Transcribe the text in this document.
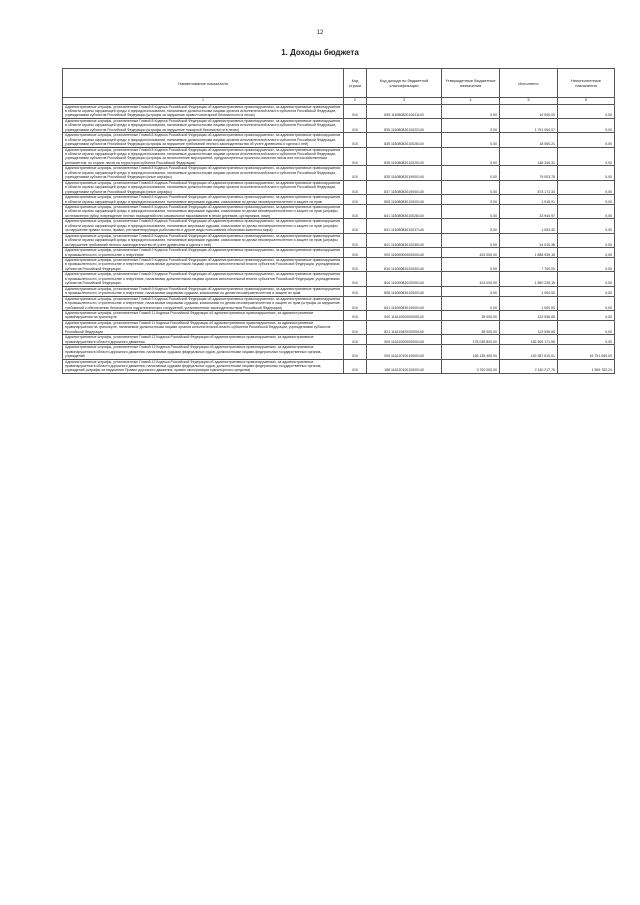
12
1. Доходы бюджета
Наименование показателя	Код строки	Код дохода по бюджетной классификации	Утвержденные бюджетные назначения	Исполнено	Неисполненные назначения
1	2	3	4	5	6
Административные штрафы, установленные Главой 8 Кодекса Российской Федерации об административных правонарушениях, за административные правонарушения в области охраны окружающей среды и природопользования, налагаемые должностными лицами органов исполнительной власти субъектов Российской Федерации, учреждениями субъектов Российской Федерации (штрафы за нарушение правил санитарной безопасности в лесах)	010	835 11608082010021140	0,00	10 000,00	0,00
Административные штрафы, установленные Главой 8 Кодекса Российской Федерации об административных правонарушениях, за административные правонарушения в области охраны окружающей среды и природопользования, налагаемые должностными лицами органов исполнительной власти субъектов Российской Федерации, учреждениями субъектов Российской Федерации (штрафы за нарушение пожарной безопасности в лесах)	010	835 11608082010022140	0,00	1 791 094,07	0,00
Административные штрафы, установленные Главой 8 Кодекса Российской Федерации об административных правонарушениях, за административные правонарушения в области охраны окружающей среды и природопользования, налагаемые должностными лицами органов исполнительной власти субъектов Российской Федерации, учреждениями субъектов Российской Федерации (штрафы за нарушение требований лесного законодательства об учете древесины и сделок с ней)	010	835 11608082010028140	0,00	18 060,21	0,00
Административные штрафы, установленные Главой 8 Кодекса Российской Федерации об административных правонарушениях, за административные правонарушения в области охраны окружающей среды и природопользования, налагаемые должностными лицами органов исполнительной власти субъектов Российской Федерации, учреждениями субъектов Российской Федерации (штрафы за неисполнение мероприятий, предусмотренных проектом освоения лесов или лесохозяйственным регламентом, по охране лесов на территории субъекта Российской Федерации)	010	835 11608082010029140	0,00	148 349,31	0,00
Административные штрафы, установленные Главой 8 Кодекса Российской Федерации об административных правонарушениях, за административные правонарушения в области охраны окружающей среды и природопользования, налагаемые должностными лицами органов исполнительной власти субъектов Российской Федерации, учреждениями субъектов Российской Федерации (иные штрафы)	010	835 11608082019000140	0,00	79 003,75	0,00
Административные штрафы, установленные Главой 8 Кодекса Российской Федерации об административных правонарушениях, за административные правонарушения в области охраны окружающей среды и природопользования, налагаемые должностными лицами органов исполнительной власти субъектов Российской Федерации, учреждениями субъектов Российской Федерации (иные штрафы)	010	837 11608082019000140	0,00	873 171,33	0,00
Административные штрафы, установленные Главой 8 Кодекса Российской Федерации об административных правонарушениях, за административные правонарушения в области охраны окружающей среды и природопользования, налагаемые мировыми судьями, комиссиями по делам несовершеннолетних и защите их прав	010	808 11608083010000140	0,00	1 518,91	0,00
Административные штрафы, установленные Главой 8 Кодекса Российской Федерации об административных правонарушениях, за административные правонарушения в области охраны окружающей среды и природопользования, налагаемые мировыми судьями, комиссиями по делам несовершеннолетних и защите их прав (штрафы за незаконную рубку, повреждение лесных насаждений или самовольное выкапывание в лесах деревьев, кустарников, лиан)	010	841 11608083010028140	0,00	33 944,97	0,00
Административные штрафы, установленные Главой 8 Кодекса Российской Федерации об административных правонарушениях, за административные правонарушения в области охраны окружающей среды и природопользования, налагаемые мировыми судьями, комиссиями по делам несовершеннолетних и защите их прав (штрафы за нарушение правил охоты, правил, регламентирующих рыболовство и другие виды пользования объектами животного мира)	010	841 11608083010037140	0,00	1 053,40	0,00
Административные штрафы, установленные Главой 8 Кодекса Российской Федерации об административных правонарушениях, за административные правонарушения в области охраны окружающей среды и природопользования, налагаемые мировыми судьями, комиссиями по делам несовершеннолетних и защите их прав (штрафы за нарушение требований лесного законодательства об учете древесины и сделок с ней)	010	841 11608083010235140	0,00	34 010,38	0,00
Административные штрафы, установленные Главой 9 Кодекса Российской Федерации об административных правонарушениях, за административные правонарушения в промышленности, строительстве и энергетике	010	000 11609000000000140	424 000,00	1 858 939,15	0,00
Административные штрафы, установленные Главой 9 Кодекса Российской Федерации об административных правонарушениях, за административные правонарушения в промышленности, строительстве и энергетике, налагаемые должностными лицами органов исполнительной власти субъектов Российской Федерации, учреждениями субъектов Российской Федерации	010	834 11609082020000140	0,00	7 700,00	0,00
Административные штрафы, установленные Главой 9 Кодекса Российской Федерации об административных правонарушениях, за административные правонарушения в промышленности, строительстве и энергетике, налагаемые должностными лицами органов исполнительной власти субъектов Российской Федерации, учреждениями субъектов Российской Федерации	010	844 11609082020000140	424 000,00	1 850 239,15	0,00
Административные штрафы, установленные Главой 9 Кодекса Российской Федерации об административных правонарушениях, за административные правонарушения в промышленности, строительстве и энергетике, налагаемые мировыми судьями, комиссиями по делам несовершеннолетних и защите их прав	010	808 11609083010000140	0,00	1 000,00	0,00
Административные штрафы, установленные Главой 9 Кодекса Российской Федерации об административных правонарушениях, за административные правонарушения в промышленности, строительстве и энергетике, налагаемые мировыми судьями, комиссиями по делам несовершеннолетних и защите их прав (штрафы за нарушение требований к обеспечению безопасности гидротехнических сооружений, установленные законодательством Российской Федерации)	010	841 11609083010000140	0,00	1 000,00	0,00
Административные штрафы, установленные Главой 11 Кодекса Российской Федерации об административных правонарушениях, за административные правонарушения на транспорте	010	000 11611000000000140	38 000,00	123 536,65	0,00
Административные штрафы, установленные Главой 11 Кодекса Российской Федерации об административных правонарушениях, за административные правонарушения на транспорте, налагаемые должностными лицами органов исполнительной власти субъектов Российской Федерации, учреждениями субъектов Российской Федерации	010	821 11611082020000140	38 000,00	123 536,65	0,00
Административные штрафы, установленные Главой 12 Кодекса Российской Федерации об административных правонарушениях, за административные правонарушения в области дорожного движения	010	000 11612000000000140	178 035 800,00	182 569 171,95	0,00
Административные штрафы, установленные Главой 12 Кодекса Российской Федерации об административных правонарушениях, за административные правонарушения в области дорожного движения, налагаемые судьями федеральных судов, должностными лицами федеральных государственных органов, учреждений	010	000 11612010010000140	165 135 400,00	149 357 510,01	16 791 060,00
Административные штрафы, установленные Главой 12 Кодекса Российской Федерации об административных правонарушениях, за административные правонарушения в области дорожного движения, налагаемые судьями федеральных судов, должностными лицами федеральных государственных органов, учреждений (штрафы за нарушение Правил дорожного движения, правил эксплуатации транспортного средства)	010	188 11612010010000140	3 700 000,00	2 140 217,76	1 559 782,24
